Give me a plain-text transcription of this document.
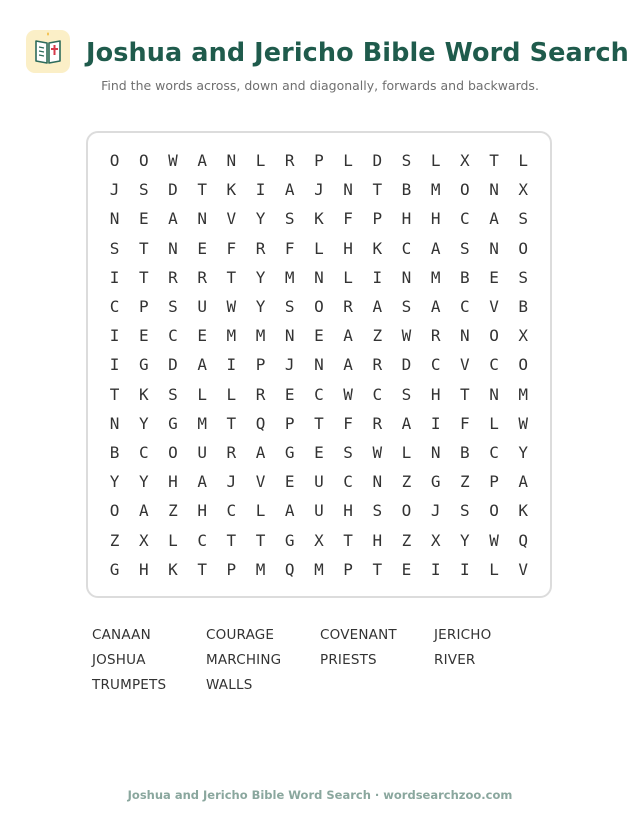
Joshua and Jericho Bible Word Search
Find the words across, down and diagonally, forwards and backwards.
O	O	W	A	N	L	R	P	L	D	S	L	X	T	L
J	S	D	T	K	I	A	J	N	T	B	M	O	N	X
N	E	A	N	V	Y	S	K	F	P	H	H	C	A	S
S	T	N	E	F	R	F	L	H	K	C	A	S	N	O
I	T	R	R	T	Y	M	N	L	I	N	M	B	E	S
C	P	S	U	W	Y	S	O	R	A	S	A	C	V	B
I	E	C	E	M	M	N	E	A	Z	W	R	N	O	X
I	G	D	A	I	P	J	N	A	R	D	C	V	C	O
T	K	S	L	L	R	E	C	W	C	S	H	T	N	M
N	Y	G	M	T	Q	P	T	F	R	A	I	F	L	W
B	C	O	U	R	A	G	E	S	W	L	N	B	C	Y
Y	Y	H	A	J	V	E	U	C	N	Z	G	Z	P	A
O	A	Z	H	C	L	A	U	H	S	O	J	S	O	K
Z	X	L	C	T	T	G	X	T	H	Z	X	Y	W	Q
G	H	K	T	P	M	Q	M	P	T	E	I	I	L	V
CANAAN	COURAGE	COVENANT	JERICHO
JOSHUA	MARCHING	PRIESTS	RIVER
TRUMPETS	WALLS
Joshua and Jericho Bible Word Search · wordsearchzoo.com
